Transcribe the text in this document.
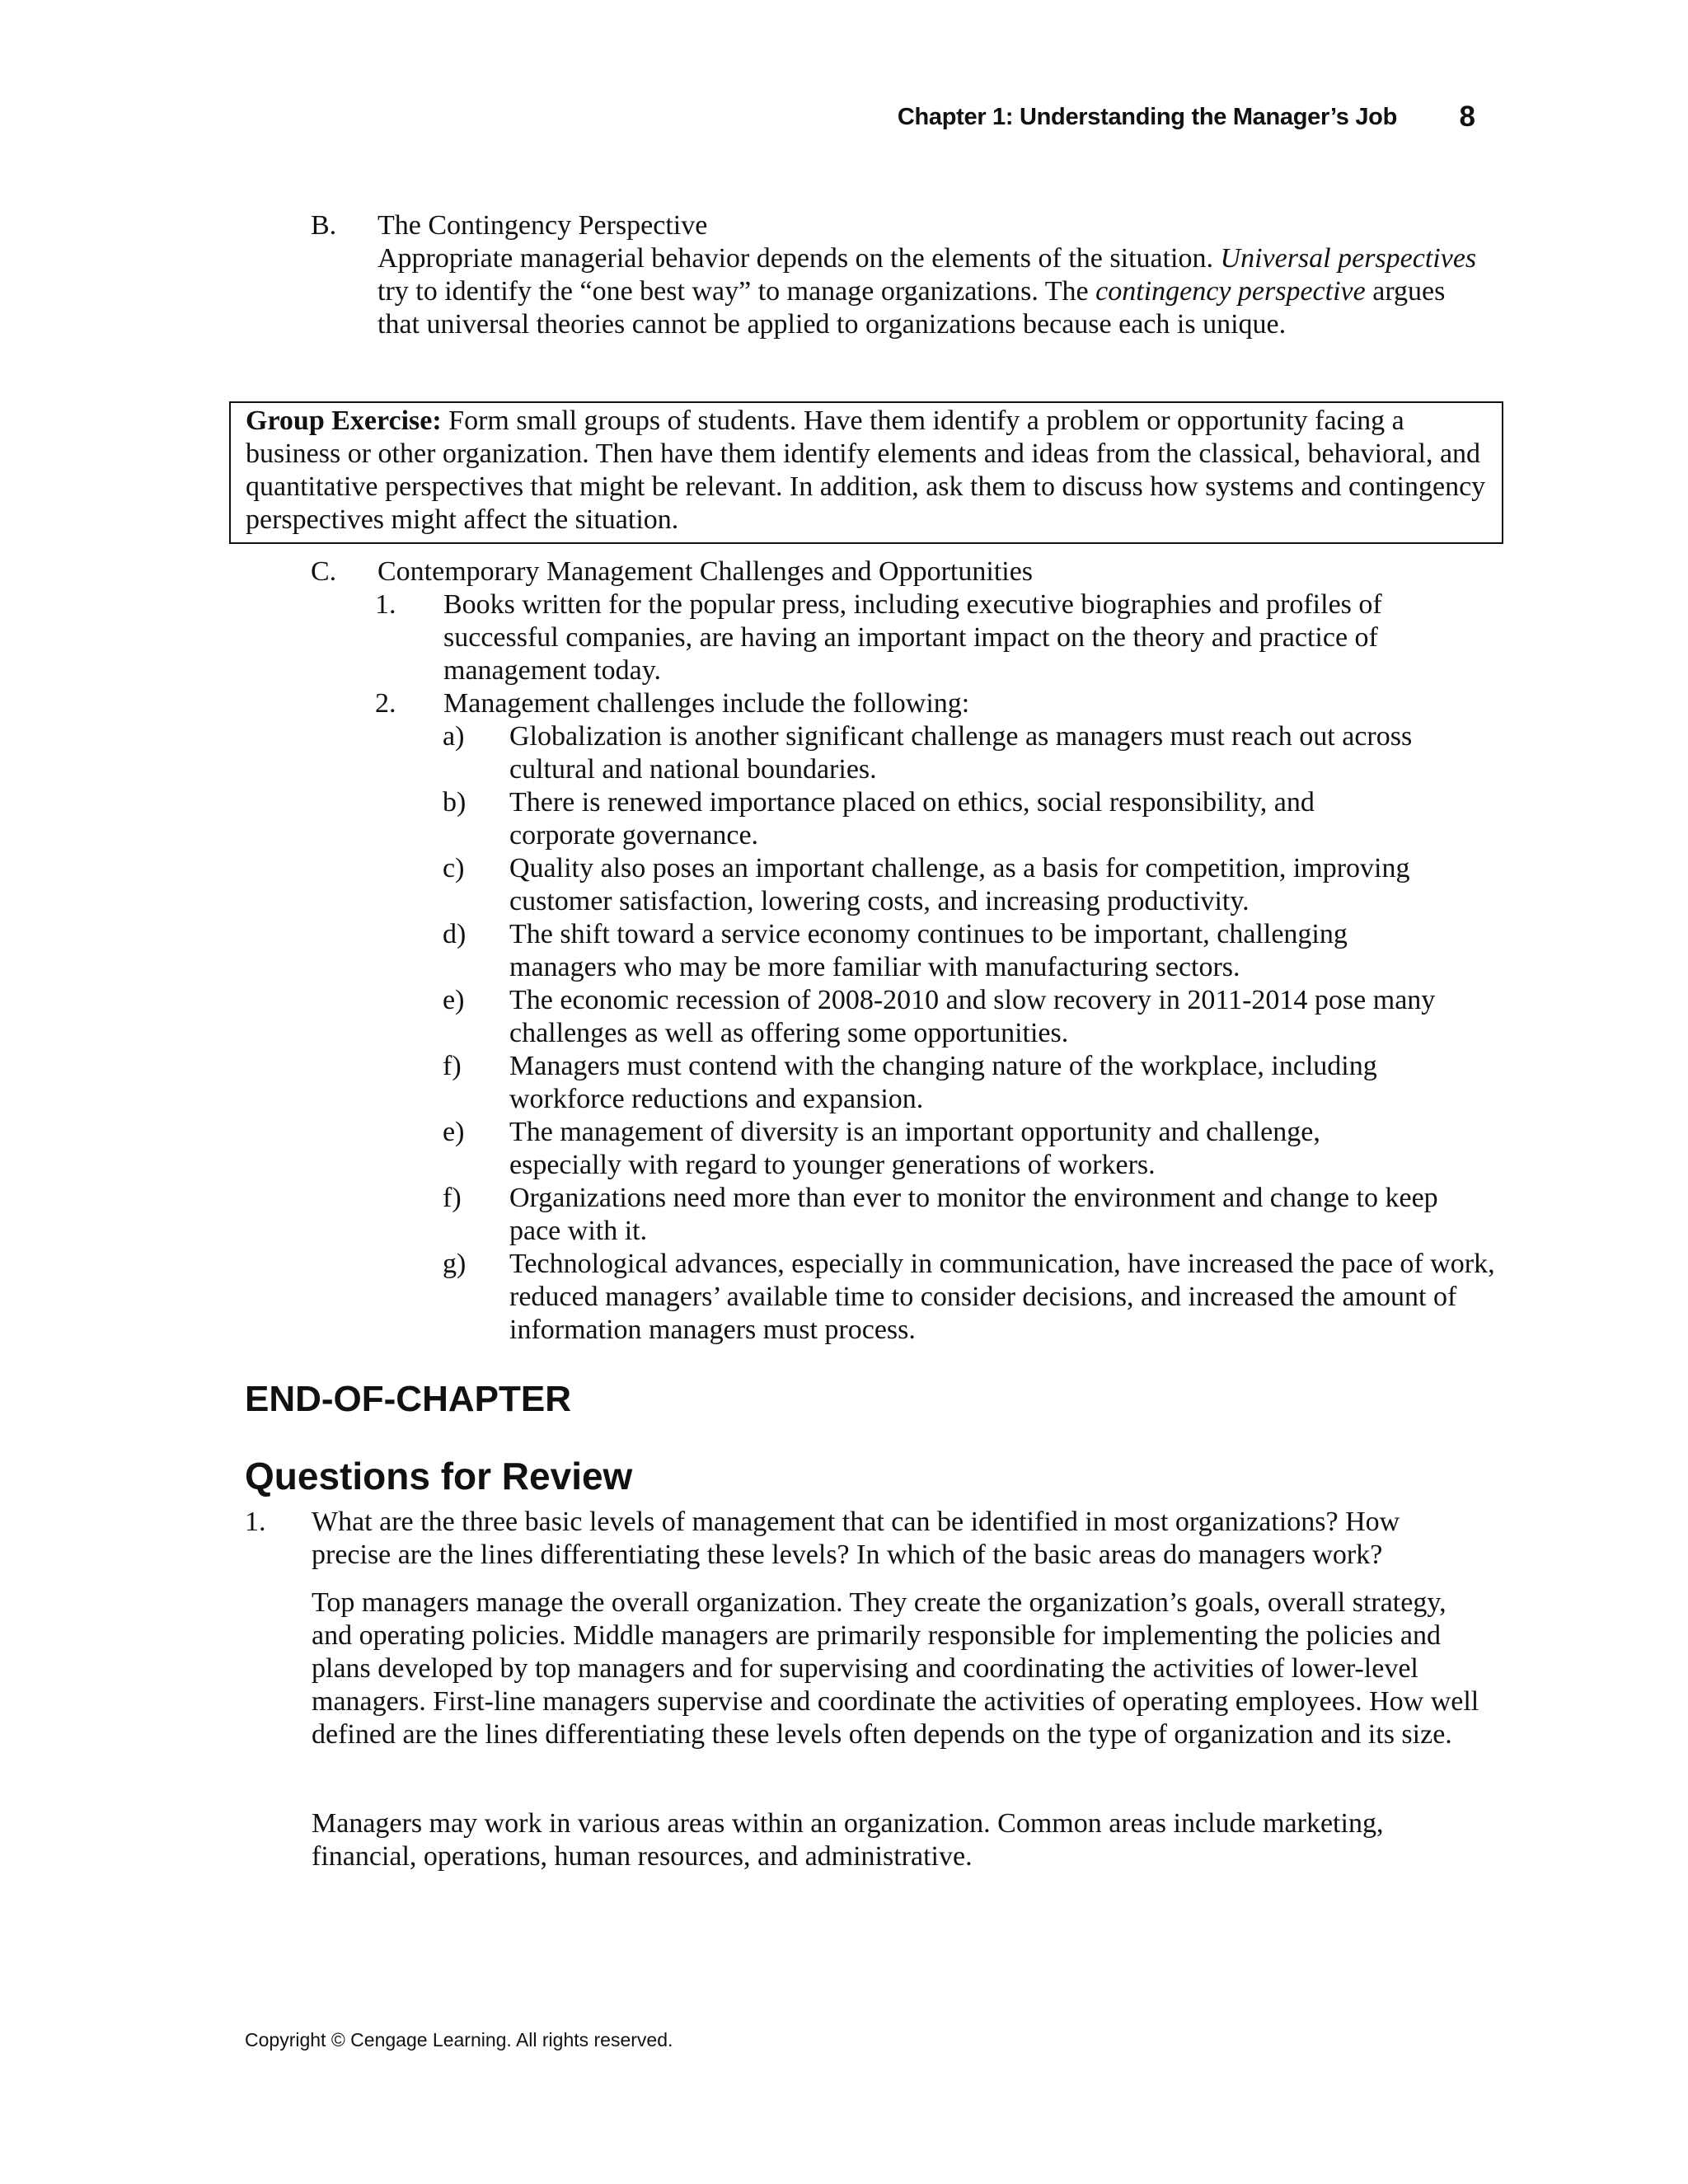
Chapter 1: Understanding the Manager’s Job 8
B. The Contingency Perspective

Appropriate managerial behavior depends on the elements of the situation. Universal perspectives try to identify the “one best way” to manage organizations. The contingency perspective argues that universal theories cannot be applied to organizations because each is unique.

Group Exercise: Form small groups of students. Have them identify a problem or opportunity facing a business or other organization. Then have them identify elements and ideas from the classical, behavioral, and quantitative perspectives that might be relevant. In addition, ask them to discuss how systems and contingency perspectives might affect the situation.

C. Contemporary Management Challenges and Opportunities
1. Books written for the popular press, including executive biographies and profiles of successful companies, are having an important impact on the theory and practice of management today.
2. Management challenges include the following:
a) Globalization is another significant challenge as managers must reach out across cultural and national boundaries.
b) There is renewed importance placed on ethics, social responsibility, and corporate governance.
c) Quality also poses an important challenge, as a basis for competition, improving customer satisfaction, lowering costs, and increasing productivity.
d) The shift toward a service economy continues to be important, challenging managers who may be more familiar with manufacturing sectors.
e) The economic recession of 2008-2010 and slow recovery in 2011-2014 pose many challenges as well as offering some opportunities.
f) Managers must contend with the changing nature of the workplace, including workforce reductions and expansion.
e) The management of diversity is an important opportunity and challenge, especially with regard to younger generations of workers.
f) Organizations need more than ever to monitor the environment and change to keep pace with it.
g) Technological advances, especially in communication, have increased the pace of work, reduced managers’ available time to consider decisions, and increased the amount of information managers must process.
END-OF-CHAPTER
Questions for Review
1. What are the three basic levels of management that can be identified in most organizations? How precise are the lines differentiating these levels? In which of the basic areas do managers work?
Top managers manage the overall organization. They create the organization’s goals, overall strategy, and operating policies. Middle managers are primarily responsible for implementing the policies and plans developed by top managers and for supervising and coordinating the activities of lower-level managers. First-line managers supervise and coordinate the activities of operating employees. How well defined are the lines differentiating these levels often depends on the type of organization and its size.
Managers may work in various areas within an organization. Common areas include marketing, financial, operations, human resources, and administrative.
Copyright © Cengage Learning. All rights reserved.
